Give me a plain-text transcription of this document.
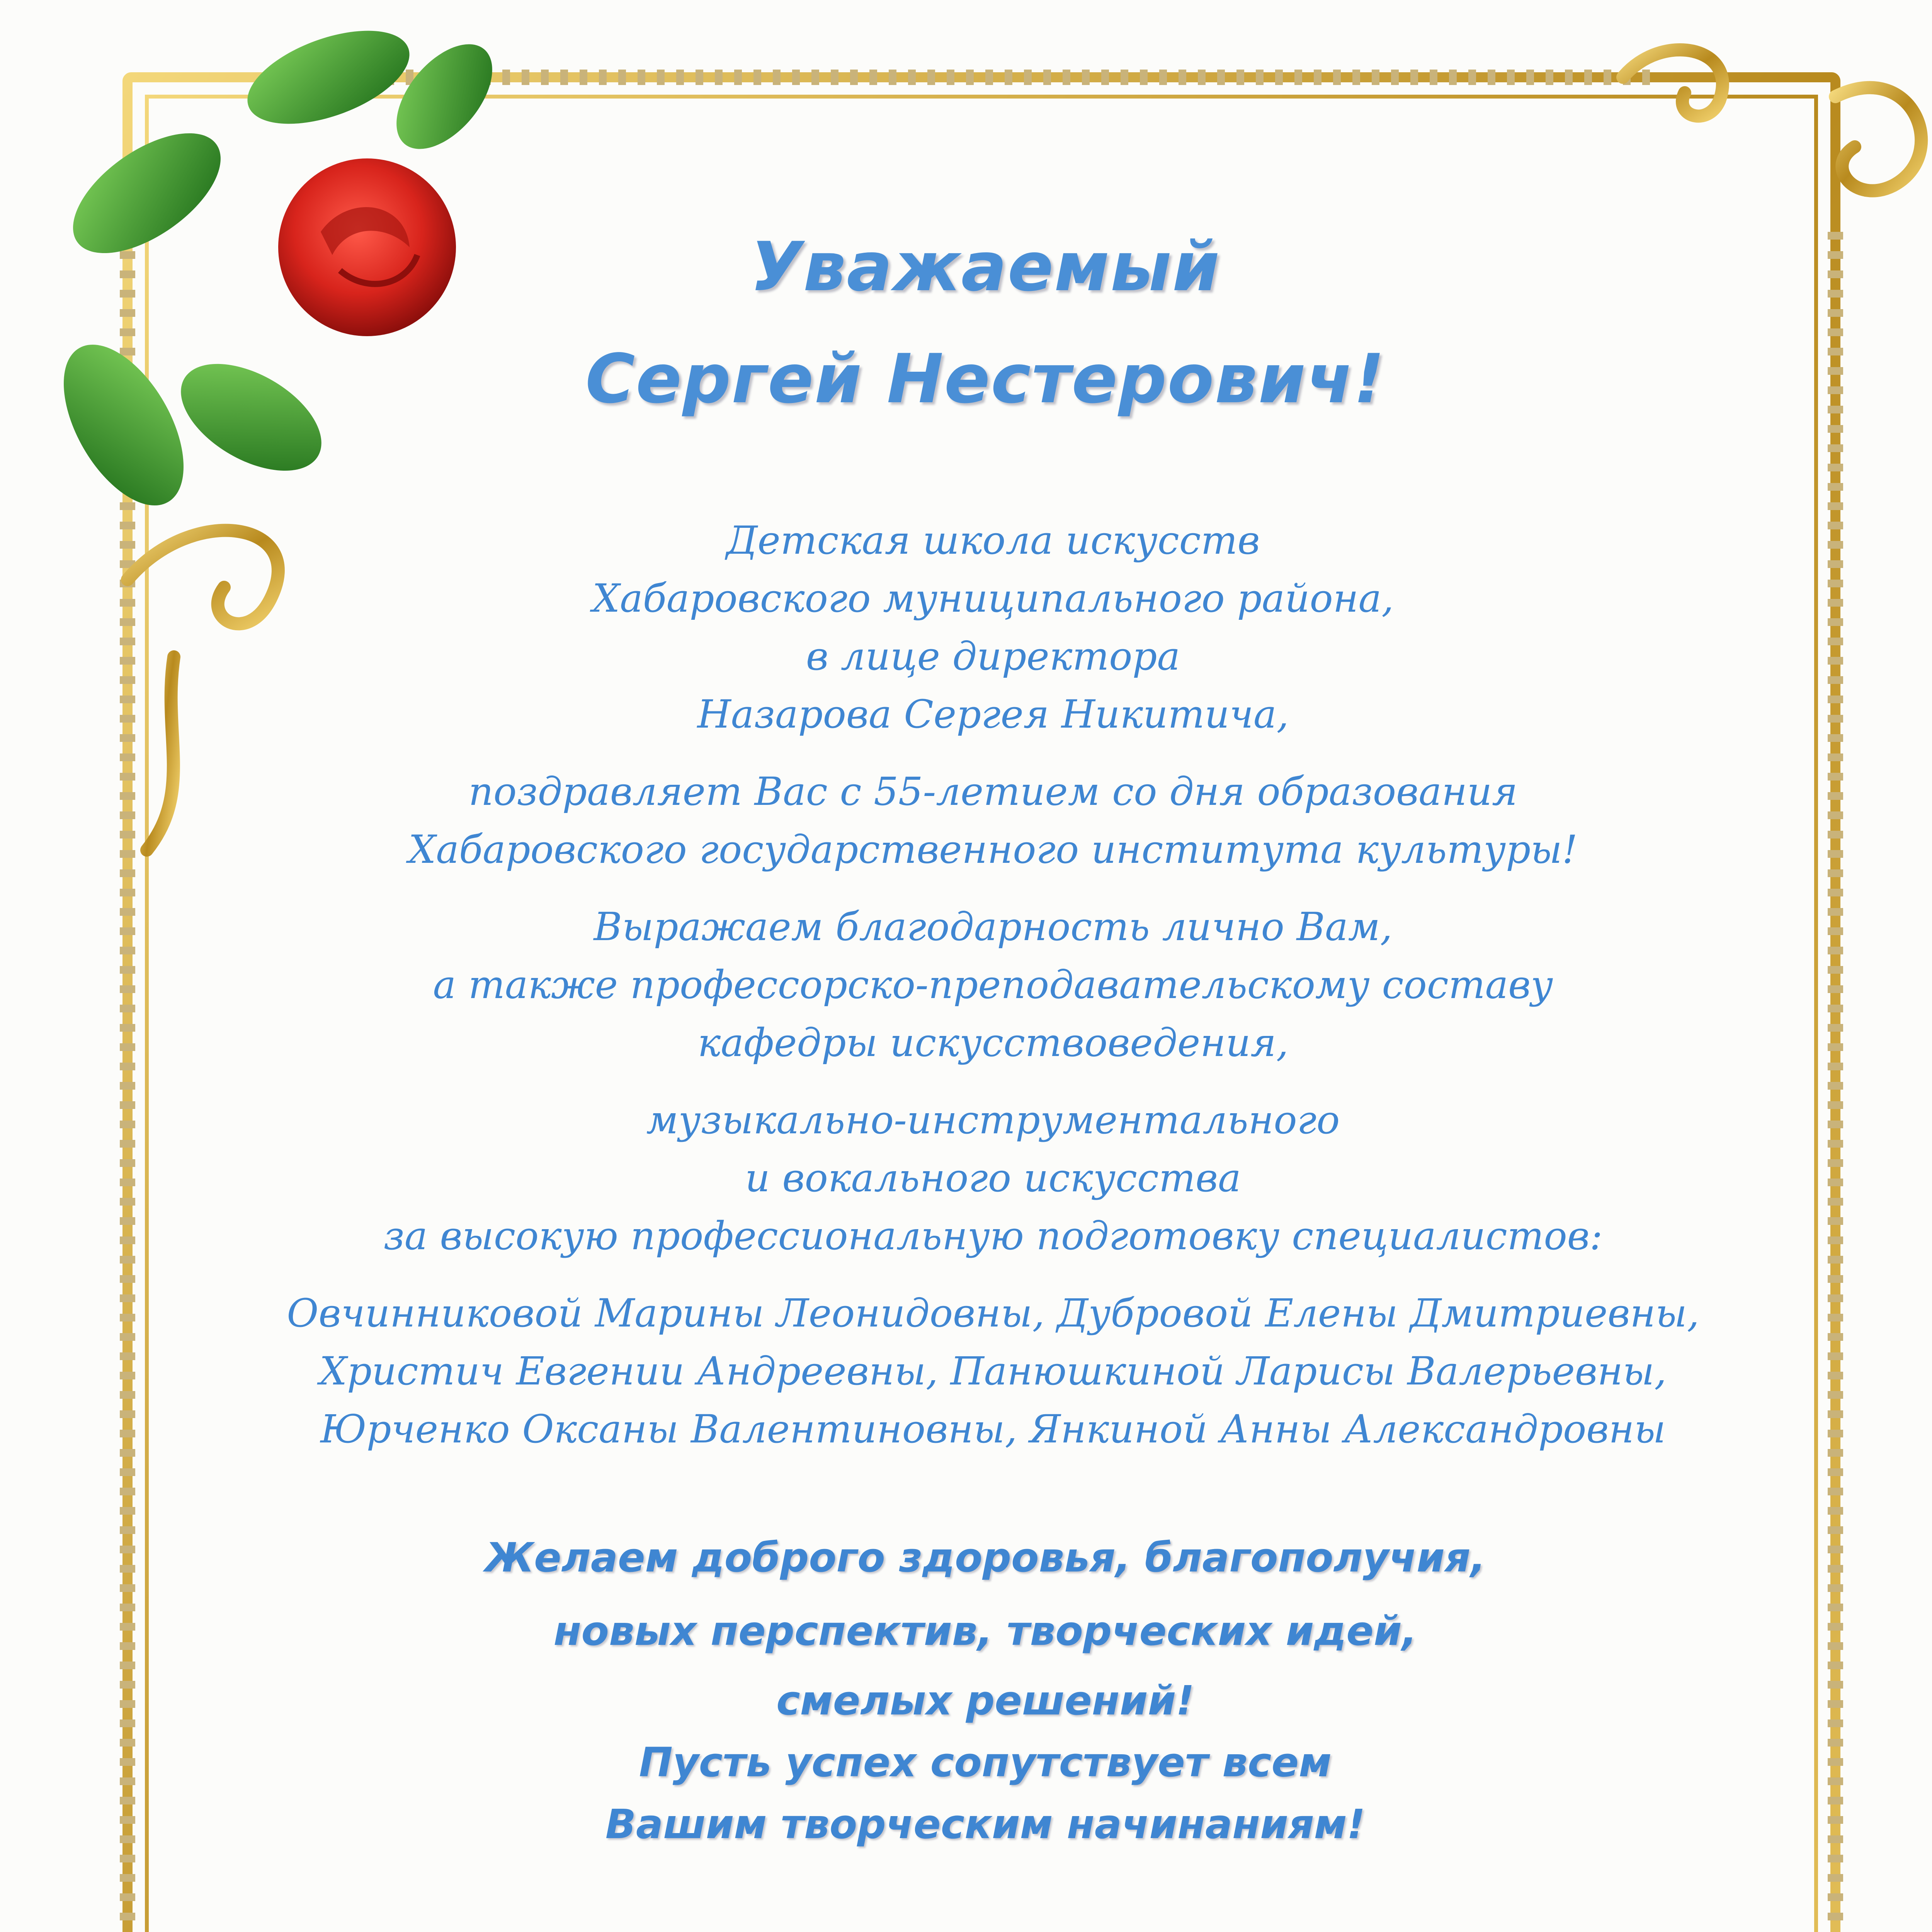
Уважаемый
Сергей Нестерович!
Детская школа искусств
Хабаровского муниципального района,
в лице директора
Назарова Сергея Никитича,
поздравляет Вас с 55-летием со дня образования
Хабаровского государственного института культуры!
Выражаем благодарность лично Вам,
а также профессорско-преподавательскому составу
кафедры искусствоведения,
музыкально-инструментального
и вокального искусства
за высокую профессиональную подготовку специалистов:
Овчинниковой Марины Леонидовны, Дубровой Елены Дмитриевны,
Христич Евгении Андреевны, Панюшкиной Ларисы Валерьевны,
Юрченко Оксаны Валентиновны, Янкиной Анны Александровны
Желаем доброго здоровья, благополучия,
новых перспектив, творческих идей,
смелых решений!
Пусть успех сопутствует всем
Вашим творческим начинаниям!
